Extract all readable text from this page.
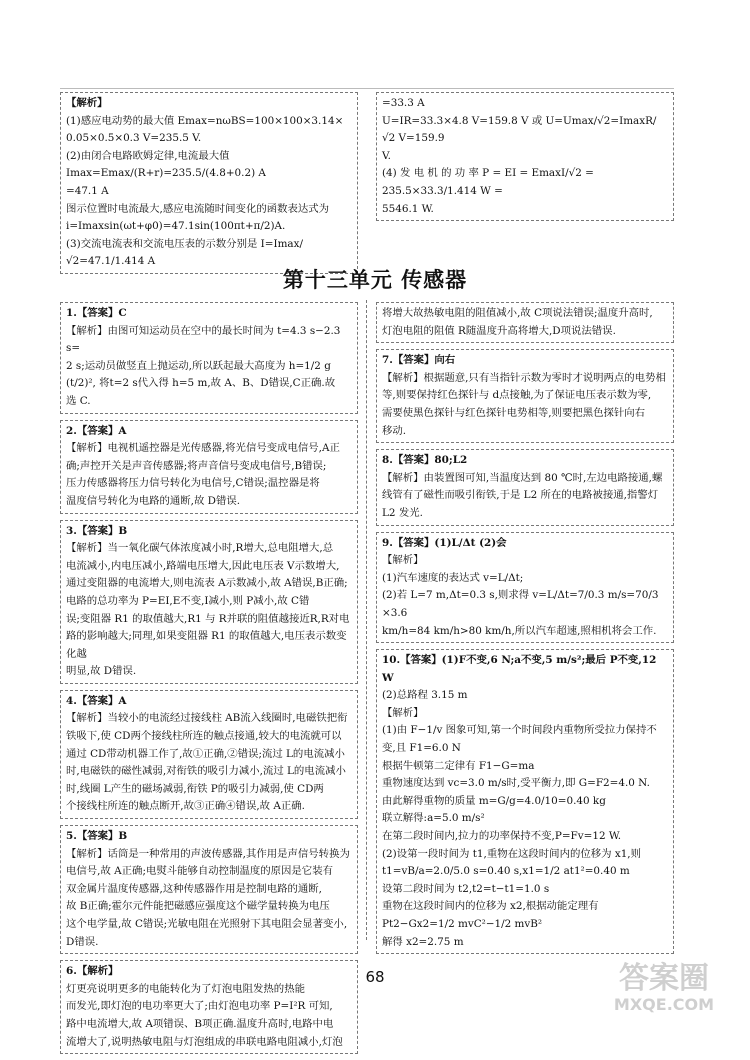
【解析】

(1)感应电动势的最大值 Emax=nωBS=100×100×3.14×

0.05×0.5×0.3 V=235.5 V.

(2)由闭合电路欧姆定律,电流最大值 Imax=Emax/(R+r)=235.5/(4.8+0.2) A

=47.1 A

图示位置时电流最大,感应电流随时间变化的函数表达式为

i=Imaxsin(ωt+φ0)=47.1sin(100πt+π/2)A.

(3)交流电流表和交流电压表的示数分别是 I=Imax/√2=47.1/1.414 A

=33.3 A

U=IR=33.3×4.8 V=159.8 V 或 U=Umax/√2=ImaxR/√2 V=159.9

V.

(4) 发 电 机 的 功 率 P = EI = EmaxI/√2 = 235.5×33.3/1.414 W =

5546.1 W.

第十三单元 传感器

1.【答案】C

【解析】由图可知运动员在空中的最长时间为 t=4.3 s−2.3 s=

2 s;运动员做竖直上抛运动,所以跃起最大高度为 h=1/2 g

(t/2)², 将t=2 s代入得 h=5 m,故 A、B、D错误,C正确.故

选 C.

2.【答案】A

【解析】电视机遥控器是光传感器,将光信号变成电信号,A正

确;声控开关是声音传感器;将声音信号变成电信号,B错误;

压力传感器将压力信号转化为电信号,C错误;温控器是将

温度信号转化为电路的通断,故 D错误.

3.【答案】B

【解析】当一氧化碳气体浓度减小时,R增大,总电阻增大,总

电流减小,内电压减小,路端电压增大,因此电压表 V示数增大,

通过变阻器的电流增大,则电流表 A示数减小,故 A错误,B正确;

电路的总功率为 P=EI,E不变,I减小,则 P减小,故 C错

误;变阻器 R1 的取值越大,R1 与 R并联的阻值越接近R,R对电

路的影响越大;同理,如果变阻器 R1 的取值越大,电压表示数变化越

明显,故 D错误.

4.【答案】A

【解析】当较小的电流经过接线柱 AB流入线圈时,电磁铁把衔

铁吸下,使 CD两个接线柱所连的触点接通,较大的电流就可以

通过 CD带动机器工作了,故①正确,②错误;流过 L的电流减小

时,电磁铁的磁性减弱,对衔铁的吸引力减小,流过 L的电流减小

时,线圈 L产生的磁场减弱,衔铁 P的吸引力减弱,使 CD两

个接线柱所连的触点断开,故③正确④错误,故 A正确.

5.【答案】B

【解析】话筒是一种常用的声波传感器,其作用是声信号转换为

电信号,故 A正确;电熨斗能够自动控制温度的原因是它装有

双金属片温度传感器,这种传感器作用是控制电路的通断,

故 B正确;霍尔元件能把磁感应强度这个磁学量转换为电压

这个电学量,故 C错误;光敏电阻在光照射下其电阻会显著变小,

D错误.

6.【解析】

灯更亮说明更多的电能转化为了灯泡电阻发热的热能

而发光,即灯泡的电功率更大了;由灯泡电功率 P=I²R 可知,

路中电流增大,故 A项错误、B项正确.温度升高时,电路中电

流增大了,说明热敏电阻与灯泡组成的串联电路电阻减小,灯泡

将增大故热敏电阻的阻值减小,故 C项说法错误;温度升高时,

灯泡电阻的阻值 R随温度升高将增大,D项说法错误.

7.【答案】向右

【解析】根据题意,只有当指针示数为零时才说明两点的电势相

等,则要保持红色探针与 d点接触,为了保证电压表示数为零,

需要使黑色探针与红色探针电势相等,则要把黑色探针向右

移动.

8.【答案】80;L2

【解析】由装置图可知,当温度达到 80 ℃时,左边电路接通,螺

线管有了磁性而吸引衔铁,于是 L2 所在的电路被接通,指警灯

L2 发光.

9.【答案】(1)L/Δt (2)会

【解析】

(1)汽车速度的表达式 v=L/Δt;

(2)若 L=7 m,Δt=0.3 s,则求得 v=L/Δt=7/0.3 m/s=70/3 ×3.6

km/h=84 km/h>80 km/h,所以汽车超速,照相机将会工作.

10.【答案】(1)F不变,6 N;a不变,5 m/s²;最后 P不变,12 W

(2)总路程 3.15 m

【解析】

(1)由 F−1/v 图象可知,第一个时间段内重物所受拉力保持不

变,且 F1=6.0 N

根据牛顿第二定律有 F1−G=ma

重物速度达到 vc=3.0 m/s时,受平衡力,即 G=F2=4.0 N.

由此解得重物的质量 m=G/g=4.0/10=0.40 kg

联立解得:a=5.0 m/s²

在第二段时间内,拉力的功率保持不变,P=Fv=12 W.

(2)设第一段时间为 t1,重物在这段时间内的位移为 x1,则

t1=vB/a=2.0/5.0 s=0.40 s,x1=1/2 at1²=0.40 m

设第二段时间为 t2,t2=t−t1=1.0 s

重物在这段时间内的位移为 x2,根据动能定理有

Pt2−Gx2=1/2 mvC²−1/2 mvB²

解得 x2=2.75 m

68	答案圈
MXQE.COM
